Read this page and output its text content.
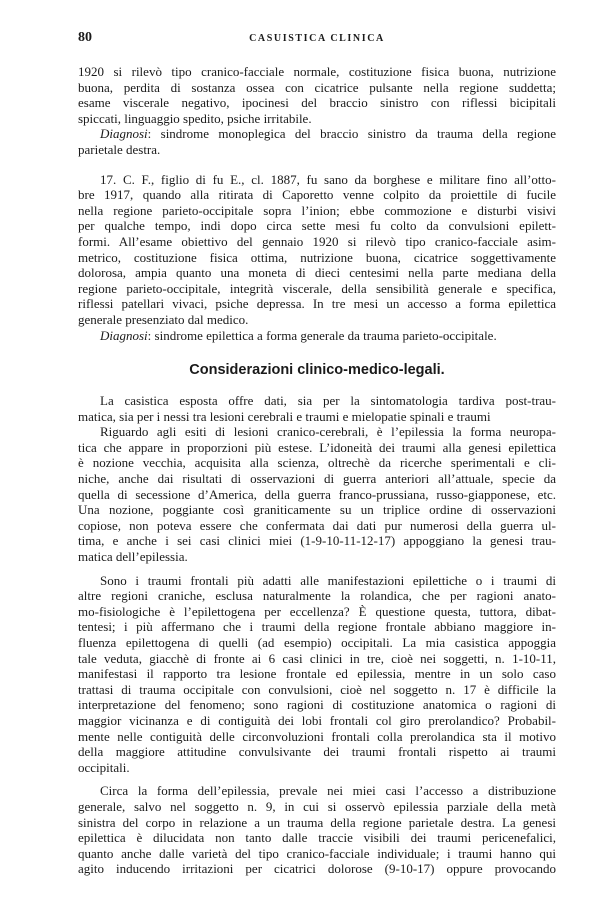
80	CASUISTICA CLINICA
1920 si rilevò tipo cranico-facciale normale, costituzione fisica buona, nutrizione
buona, perdita di sostanza ossea con cicatrice pulsante nella regione suddetta;
esame viscerale negativo, ipocinesi del braccio sinistro con riflessi bicipitali
spiccati, linguaggio spedito, psiche irritabile.
Diagnosi: sindrome monoplegica del braccio sinistro da trauma della regione
parietale destra.
17. C. F., figlio di fu E., cl. 1887, fu sano da borghese e militare fino all’otto-
bre 1917, quando alla ritirata di Caporetto venne colpito da proiettile di fucile
nella regione parieto-occipitale sopra l’inion; ebbe commozione e disturbi visivi
per qualche tempo, indi dopo circa sette mesi fu colto da convulsioni epilett-
formi. All’esame obiettivo del gennaio 1920 si rilevò tipo cranico-facciale asim-
metrico, costituzione fisica ottima, nutrizione buona, cicatrice soggettivamente
dolorosa, ampia quanto una moneta di dieci centesimi nella parte mediana della
regione parieto-occipitale, integrità viscerale, della sensibilità generale e specifica,
riflessi patellari vivaci, psiche depressa. In tre mesi un accesso a forma epilettica
generale presenziato dal medico.
Diagnosi: sindrome epilettica a forma generale da trauma parieto-occipitale.
Considerazioni clinico-medico-legali.
La casistica esposta offre dati, sia per la sintomatologia tardiva post-trau-
matica, sia per i nessi tra lesioni cerebrali e traumi e mielopatie spinali e traumi
Riguardo agli esiti di lesioni cranico-cerebrali, è l’epilessia la forma neuropa-
tica che appare in proporzioni più estese. L’idoneità dei traumi alla genesi epilettica
è nozione vecchia, acquisita alla scienza, oltrechè da ricerche sperimentali e cli-
niche, anche dai risultati di osservazioni di guerra anteriori all’attuale, specie da
quella di secessione d’America, della guerra franco-prussiana, russo-giapponese, etc.
Una nozione, poggiante così graniticamente su un triplice ordine di osservazioni
copiose, non poteva essere che confermata dai dati pur numerosi della guerra ul-
tima, e anche i sei casi clinici miei (1-9-10-11-12-17) appoggiano la genesi trau-
matica dell’epilessia.
Sono i traumi frontali più adatti alle manifestazioni epilettiche o i traumi di
altre regioni craniche, esclusa naturalmente la rolandica, che per ragioni anato-
mo-fisiologiche è l’epilettogena per eccellenza? È questione questa, tuttora, dibat-
tentesi; i più affermano che i traumi della regione frontale abbiano maggiore in-
fluenza epilettogena di quelli (ad esempio) occipitali. La mia casistica appoggia
tale veduta, giacchè di fronte ai 6 casi clinici in tre, cioè nei soggetti, n. 1-10-11,
manifestasi il rapporto tra lesione frontale ed epilessia, mentre in un solo caso
trattasi di trauma occipitale con convulsioni, cioè nel soggetto n. 17 è difficile la
interpretazione del fenomeno; sono ragioni di costituzione anatomica o ragioni di
maggior vicinanza e di contiguità dei lobi frontali col giro prerolandico? Probabil-
mente nelle contiguità delle circonvoluzioni frontali colla prerolandica sta il motivo
della maggiore attitudine convulsivante dei traumi frontali rispetto ai traumi
occipitali.
Circa la forma dell’epilessia, prevale nei miei casi l’accesso a distribuzione
generale, salvo nel soggetto n. 9, in cui si osservò epilessia parziale della metà
sinistra del corpo in relazione a un trauma della regione parietale destra. La genesi
epilettica è dilucidata non tanto dalle traccie visibili dei traumi pericenefalici,
quanto anche dalle varietà del tipo cranico-facciale individuale; i traumi hanno qui
agito inducendo irritazioni per cicatrici dolorose (9-10-17) oppure provocando
